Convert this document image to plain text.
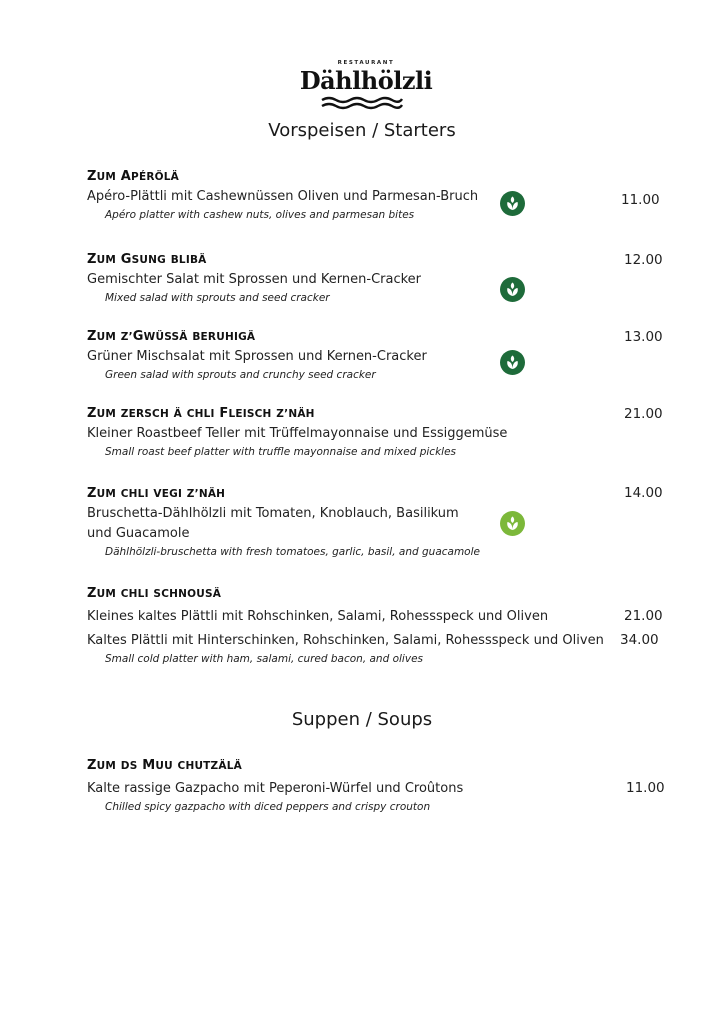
RESTAURANT
Dählhölzli
Vorspeisen / Starters
ZUM APÉRÖLÄ
Apéro-Plättli mit Cashewnüssen Oliven und Parmesan-Bruch
Apéro platter with cashew nuts, olives and parmesan bites
11.00
ZUM GSUNG BLIBÄ
Gemischter Salat mit Sprossen und Kernen-Cracker
Mixed salad with sprouts and seed cracker
12.00
ZUM Z’GWÜSSÄ BERUHIGÄ
Grüner Mischsalat mit Sprossen und Kernen-Cracker
Green salad with sprouts and crunchy seed cracker
13.00
ZUM ZERSCH Ä CHLI FLEISCH Z’NÄH
Kleiner Roastbeef Teller mit Trüffelmayonnaise und Essiggemüse
Small roast beef platter with truffle mayonnaise and mixed pickles
21.00
ZUM CHLI VEGI Z’NÄH
Bruschetta-Dählhölzli mit Tomaten, Knoblauch, Basilikum
und Guacamole
Dählhölzli-bruschetta with fresh tomatoes, garlic, basil, and guacamole
14.00
ZUM CHLI SCHNOUSÄ
Kleines kaltes Plättli mit Rohschinken, Salami, Rohessspeck und Oliven
Kaltes Plättli mit Hinterschinken, Rohschinken, Salami, Rohessspeck und Oliven
Small cold platter with ham, salami, cured bacon, and olives
21.00
34.00
Suppen / Soups
ZUM DS MUU CHUTZÄLÄ
Kalte rassige Gazpacho mit Peperoni-Würfel und Croûtons
Chilled spicy gazpacho with diced peppers and crispy crouton
11.00
